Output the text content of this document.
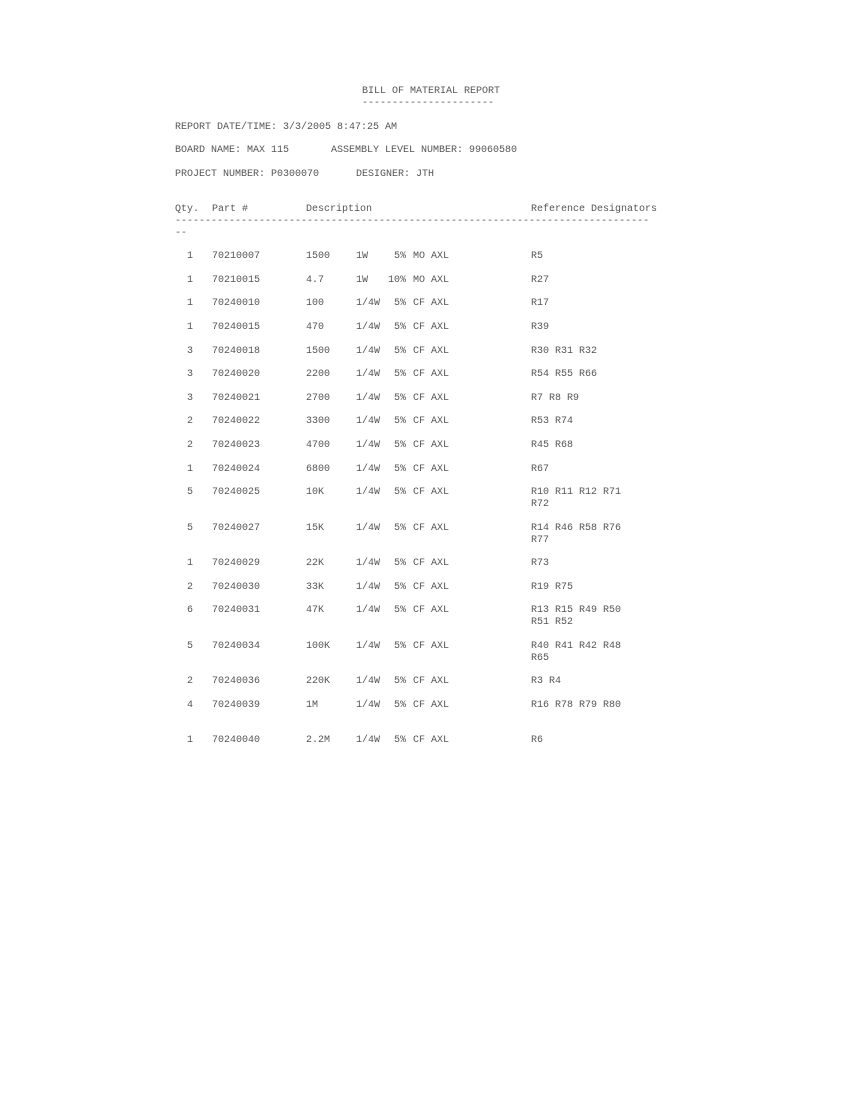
BILL OF MATERIAL REPORT
----------------------
REPORT DATE/TIME: 3/3/2005 8:47:25 AM
BOARD NAME: MAX 115	ASSEMBLY LEVEL NUMBER: 99060580
PROJECT NUMBER: P0300070	DESIGNER: JTH
Qty. Part #	Description	Reference Designators
-------------------------------------------------------------------------------
--
1 70210007	1500	1W	5% MO AXL	R5
1 70210015	4.7	1W	10% MO AXL	R27
1 70240010	100	1/4W	5% CF AXL	R17
1 70240015	470	1/4W	5% CF AXL	R39
3 70240018	1500	1/4W	5% CF AXL	R30 R31 R32
3 70240020	2200	1/4W	5% CF AXL	R54 R55 R66
3 70240021	2700	1/4W	5% CF AXL	R7 R8 R9
2 70240022	3300	1/4W	5% CF AXL	R53 R74
2 70240023	4700	1/4W	5% CF AXL	R45 R68
1 70240024	6800	1/4W	5% CF AXL	R67
5 70240025	10K	1/4W	5% CF AXL	R10 R11 R12 R71
R72
5 70240027	15K	1/4W	5% CF AXL	R14 R46 R58 R76
R77
1 70240029	22K	1/4W	5% CF AXL	R73
2 70240030	33K	1/4W	5% CF AXL	R19 R75
6 70240031	47K	1/4W	5% CF AXL	R13 R15 R49 R50
R51 R52
5 70240034	100K	1/4W	5% CF AXL	R40 R41 R42 R48
R65
2 70240036	220K	1/4W	5% CF AXL	R3 R4
4 70240039	1M	1/4W	5% CF AXL	R16 R78 R79 R80
1 70240040	2.2M	1/4W	5% CF AXL	R6
